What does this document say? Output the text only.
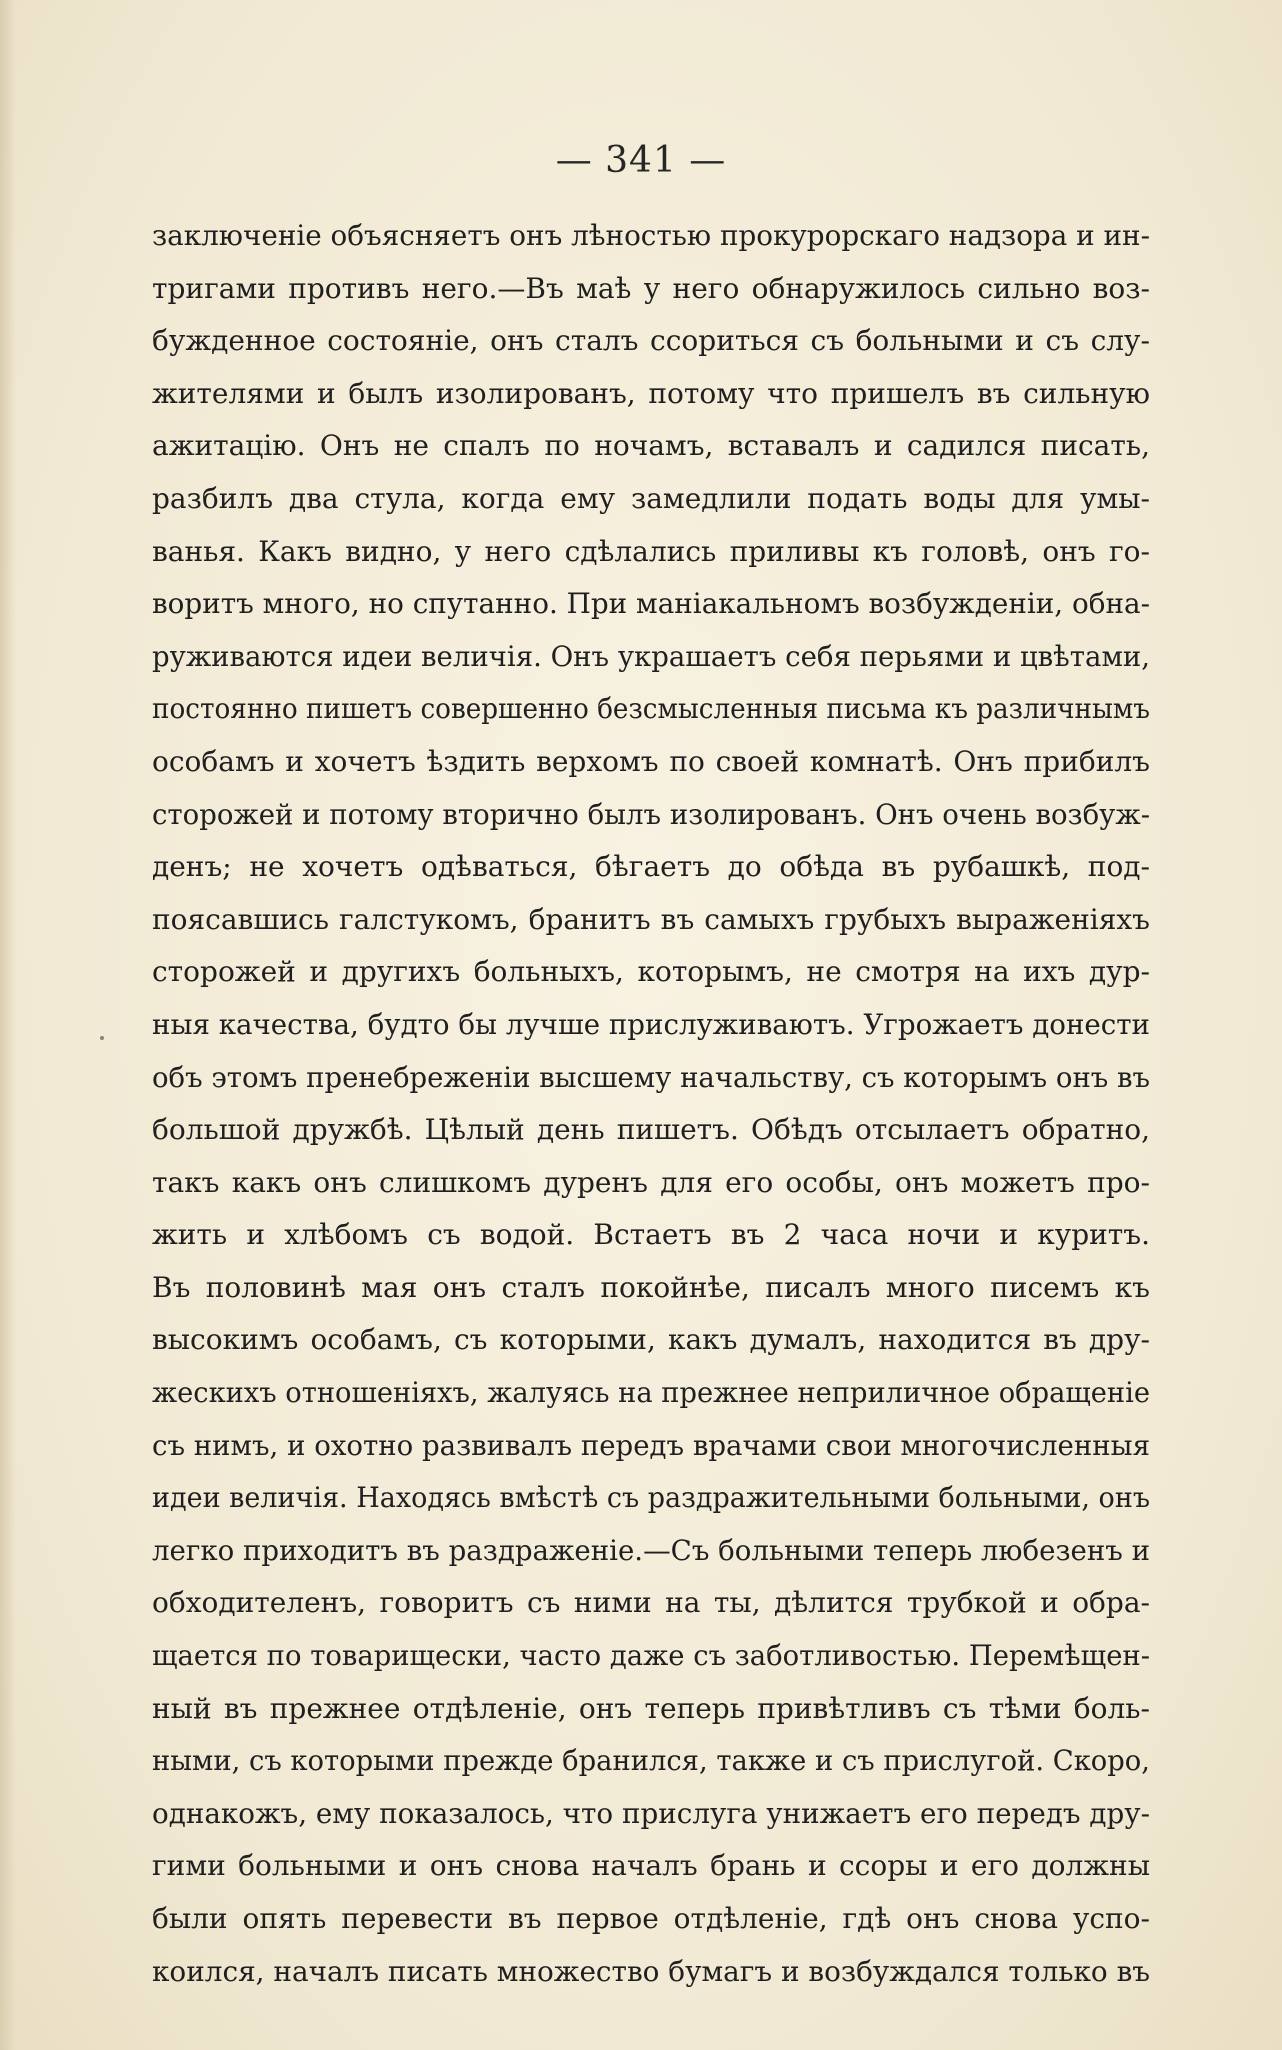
— 341 —
заключеніе объясняетъ онъ лѣностью прокурорскаго надзора и ин-
тригами противъ него.—Въ маѣ у него обнаружилось сильно воз-
бужденное состояніе, онъ сталъ ссориться съ больными и съ слу-
жителями и былъ изолированъ, потому что пришелъ въ сильную
ажитацію. Онъ не спалъ по ночамъ, вставалъ и садился писать,
разбилъ два стула, когда ему замедлили подать воды для умы-
ванья. Какъ видно, у него сдѣлались приливы къ головѣ, онъ го-
воритъ много, но спутанно. При маніакальномъ возбужденіи, обна-
руживаются идеи величія. Онъ украшаетъ себя перьями и цвѣтами,
постоянно пишетъ совершенно безсмысленныя письма къ различнымъ
особамъ и хочетъ ѣздить верхомъ по своей комнатѣ. Онъ прибилъ
сторожей и потому вторично былъ изолированъ. Онъ очень возбуж-
денъ; не хочетъ одѣваться, бѣгаетъ до обѣда въ рубашкѣ, под-
поясавшись галстукомъ, бранитъ въ самыхъ грубыхъ выраженіяхъ
сторожей и другихъ больныхъ, которымъ, не смотря на ихъ дур-
ныя качества, будто бы лучше прислуживаютъ. Угрожаетъ донести
объ этомъ пренебреженіи высшему начальству, съ которымъ онъ въ
большой дружбѣ. Цѣлый день пишетъ. Обѣдъ отсылаетъ обратно,
такъ какъ онъ слишкомъ дуренъ для его особы, онъ можетъ про-
жить и хлѣбомъ съ водой. Встаетъ въ 2 часа ночи и куритъ.
Въ половинѣ мая онъ сталъ покойнѣе, писалъ много писемъ къ
высокимъ особамъ, съ которыми, какъ думалъ, находится въ дру-
жескихъ отношеніяхъ, жалуясь на прежнее неприличное обращеніе
съ нимъ, и охотно развивалъ передъ врачами свои многочисленныя
идеи величія. Находясь вмѣстѣ съ раздражительными больными, онъ
легко приходитъ въ раздраженіе.—Съ больными теперь любезенъ и
обходителенъ, говоритъ съ ними на ты, дѣлится трубкой и обра-
щается по товарищески, часто даже съ заботливостью. Перемѣщен-
ный въ прежнее отдѣленіе, онъ теперь привѣтливъ съ тѣми боль-
ными, съ которыми прежде бранился, также и съ прислугой. Скоро,
однакожъ, ему показалось, что прислуга унижаетъ его передъ дру-
гими больными и онъ снова началъ брань и ссоры и его должны
были опять перевести въ первое отдѣленіе, гдѣ онъ снова успо-
коился, началъ писать множество бумагъ и возбуждался только въ
